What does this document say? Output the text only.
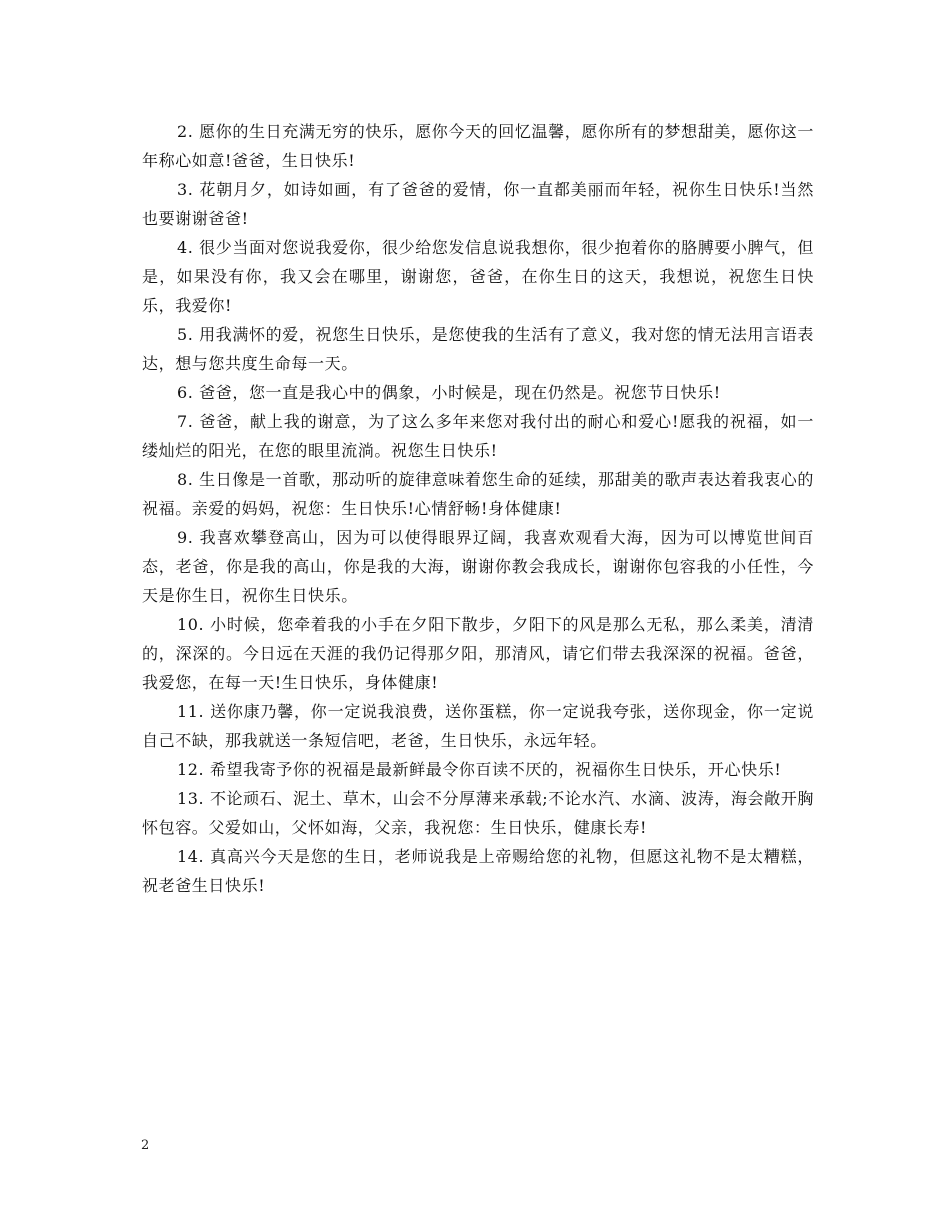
2. 愿你的生日充满无穷的快乐，愿你今天的回忆温馨，愿你所有的梦想甜美，愿你这一年称心如意!爸爸，生日快乐!

3. 花朝月夕，如诗如画，有了爸爸的爱情，你一直都美丽而年轻，祝你生日快乐!当然也要谢谢爸爸!

4. 很少当面对您说我爱你，很少给您发信息说我想你，很少抱着你的胳膊要小脾气，但是，如果没有你，我又会在哪里，谢谢您，爸爸，在你生日的这天，我想说，祝您生日快乐，我爱你!

5. 用我满怀的爱，祝您生日快乐，是您使我的生活有了意义，我对您的情无法用言语表达，想与您共度生命每一天。

6. 爸爸，您一直是我心中的偶象，小时候是，现在仍然是。祝您节日快乐!

7. 爸爸，献上我的谢意，为了这么多年来您对我付出的耐心和爱心!愿我的祝福，如一缕灿烂的阳光，在您的眼里流淌。祝您生日快乐!

8. 生日像是一首歌，那动听的旋律意味着您生命的延续，那甜美的歌声表达着我衷心的祝福。亲爱的妈妈，祝您：生日快乐!心情舒畅!身体健康!

9. 我喜欢攀登高山，因为可以使得眼界辽阔，我喜欢观看大海，因为可以博览世间百态，老爸，你是我的高山，你是我的大海，谢谢你教会我成长，谢谢你包容我的小任性，今天是你生日，祝你生日快乐。

10. 小时候，您牵着我的小手在夕阳下散步，夕阳下的风是那么无私，那么柔美，清清的，深深的。今日远在天涯的我仍记得那夕阳，那清风，请它们带去我深深的祝福。爸爸，我爱您，在每一天!生日快乐，身体健康!

11. 送你康乃馨，你一定说我浪费，送你蛋糕，你一定说我夸张，送你现金，你一定说自己不缺，那我就送一条短信吧，老爸，生日快乐，永远年轻。

12. 希望我寄予你的祝福是最新鲜最令你百读不厌的，祝福你生日快乐，开心快乐!

13. 不论顽石、泥土、草木，山会不分厚薄来承载;不论水汽、水滴、波涛，海会敞开胸怀包容。父爱如山，父怀如海，父亲，我祝您：生日快乐，健康长寿!

14. 真高兴今天是您的生日，老师说我是上帝赐给您的礼物，但愿这礼物不是太糟糕，祝老爸生日快乐!

2
